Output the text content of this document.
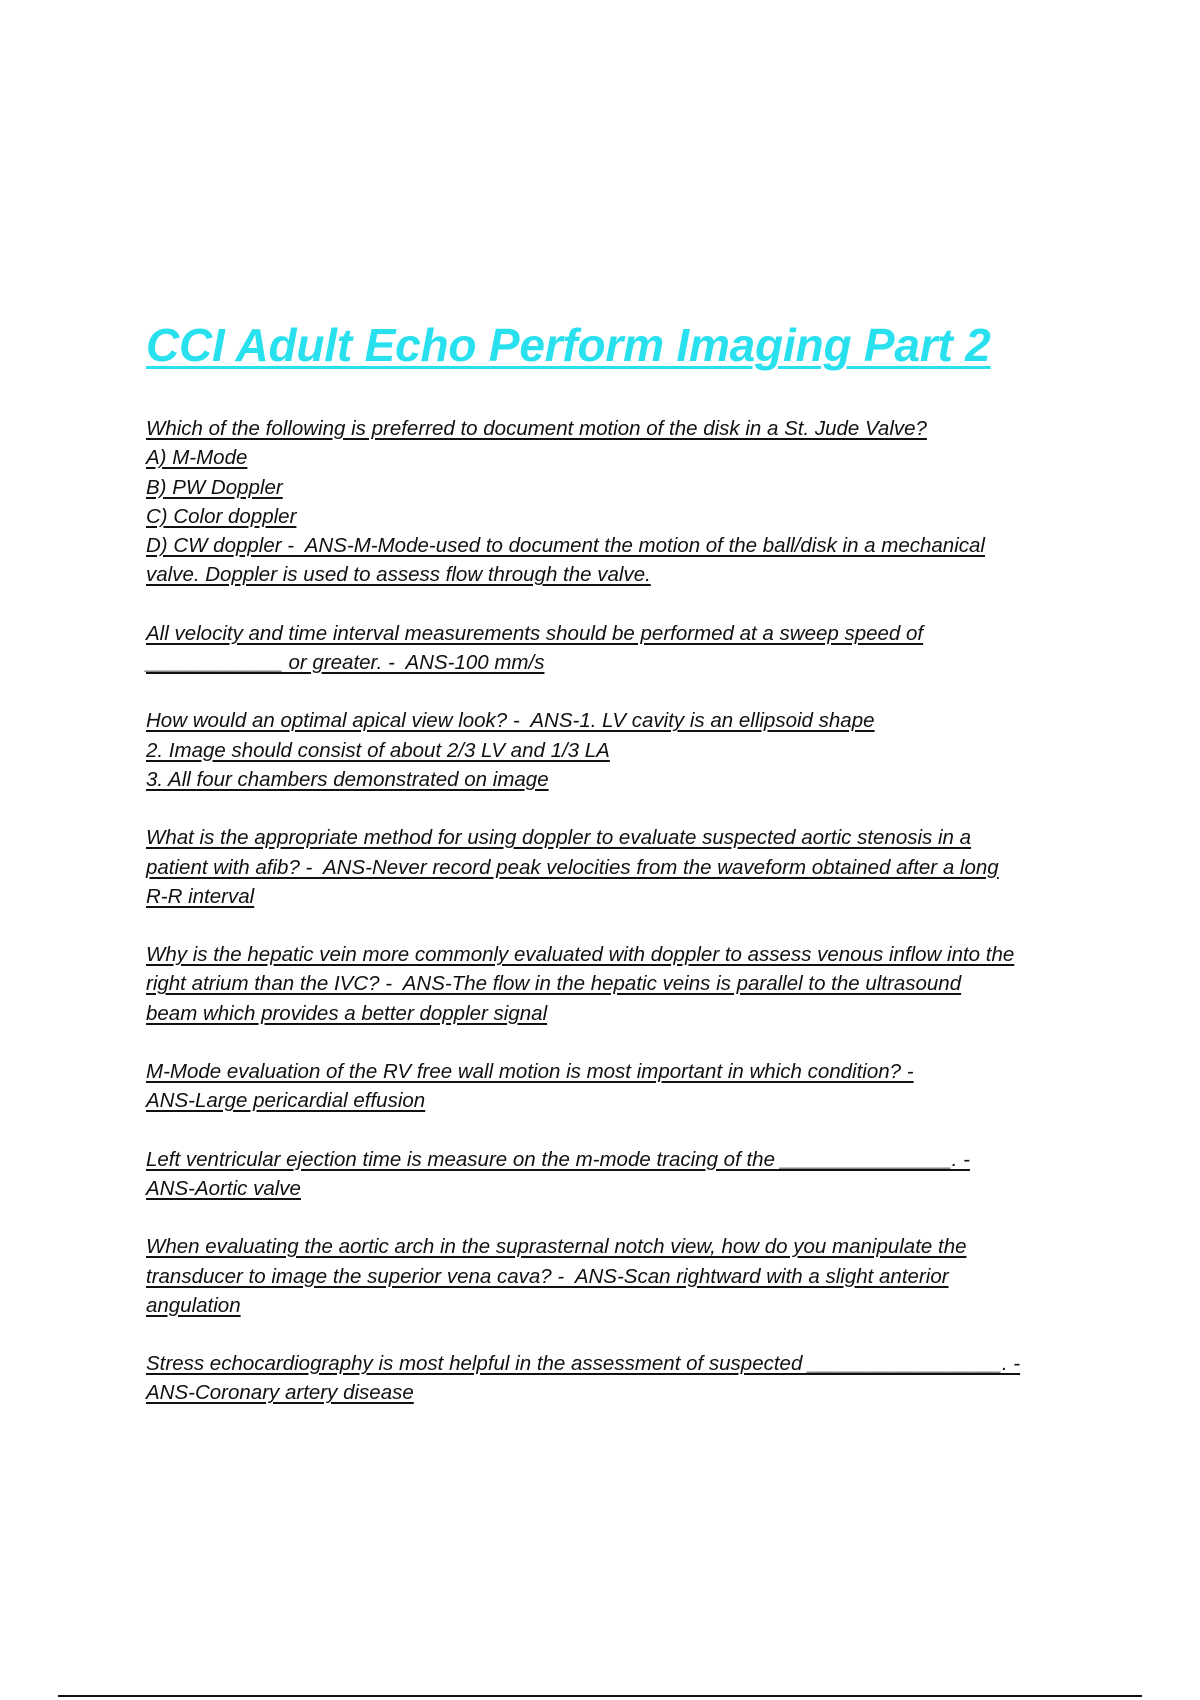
CCI Adult Echo Perform Imaging Part 2
Which of the following is preferred to document motion of the disk in a St. Jude Valve?
A) M-Mode
B) PW Doppler
C) Color doppler
D) CW doppler -  ANS-M-Mode-used to document the motion of the ball/disk in a mechanical
valve. Doppler is used to assess flow through the valve.
All velocity and time interval measurements should be performed at a sweep speed of
____________ or greater. -  ANS-100 mm/s
How would an optimal apical view look? -  ANS-1. LV cavity is an ellipsoid shape
2. Image should consist of about 2/3 LV and 1/3 LA
3. All four chambers demonstrated on image
What is the appropriate method for using doppler to evaluate suspected aortic stenosis in a
patient with afib? -  ANS-Never record peak velocities from the waveform obtained after a long
R-R interval
Why is the hepatic vein more commonly evaluated with doppler to assess venous inflow into the
right atrium than the IVC? -  ANS-The flow in the hepatic veins is parallel to the ultrasound
beam which provides a better doppler signal
M-Mode evaluation of the RV free wall motion is most important in which condition? -
ANS-Large pericardial effusion
Left ventricular ejection time is measure on the m-mode tracing of the _______________. -
ANS-Aortic valve
When evaluating the aortic arch in the suprasternal notch view, how do you manipulate the
transducer to image the superior vena cava? -  ANS-Scan rightward with a slight anterior
angulation
Stress echocardiography is most helpful in the assessment of suspected _________________. -
ANS-Coronary artery disease
